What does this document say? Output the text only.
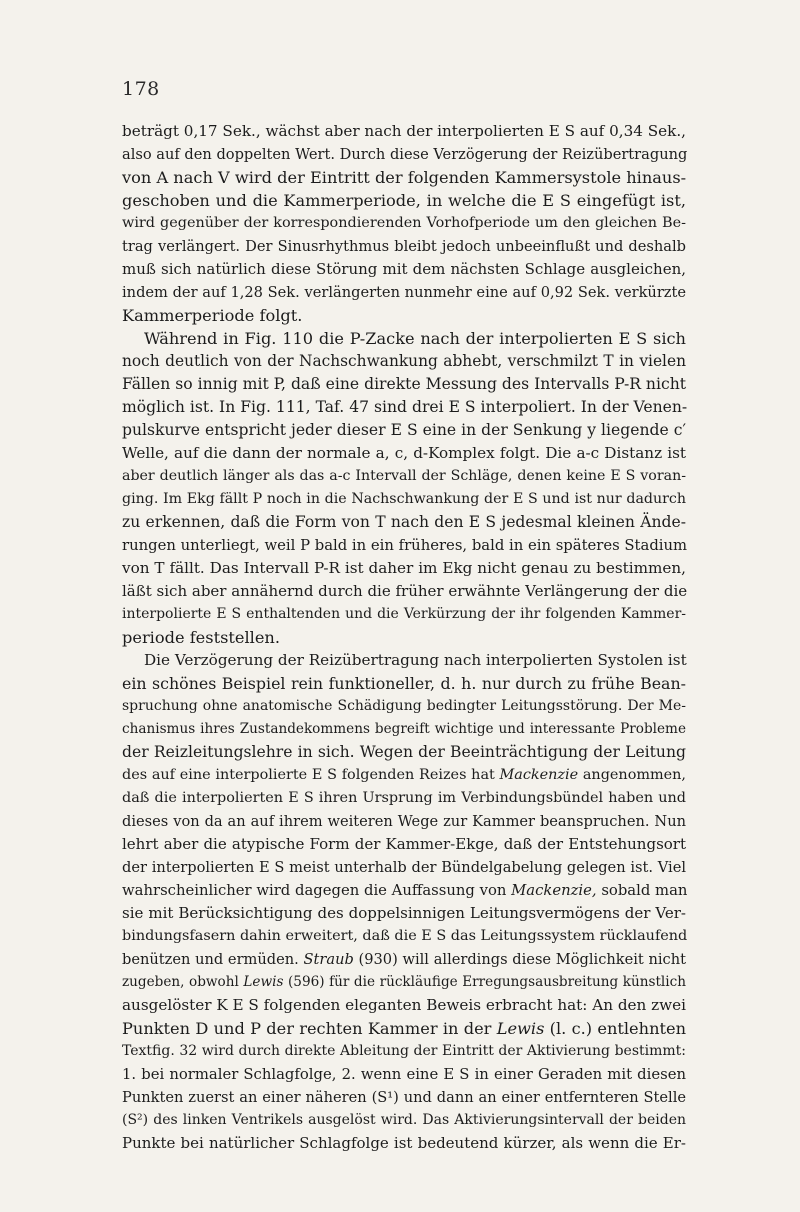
178
beträgt 0,17 Sek., wächst aber nach der interpolierten E S auf 0,34 Sek.,
also auf den doppelten Wert. Durch diese Verzögerung der Reizübertragung
von A nach V wird der Eintritt der folgenden Kammersystole hinaus-
geschoben und die Kammerperiode, in welche die E S eingefügt ist,
wird gegenüber der korrespondierenden Vorhofperiode um den gleichen Be-
trag verlängert. Der Sinusrhythmus bleibt jedoch unbeeinflußt und deshalb
muß sich natürlich diese Störung mit dem nächsten Schlage ausgleichen,
indem der auf 1,28 Sek. verlängerten nunmehr eine auf 0,92 Sek. verkürzte
Kammerperiode folgt.
Während in Fig. 110 die P-Zacke nach der interpolierten E S sich
noch deutlich von der Nachschwankung abhebt, verschmilzt T in vielen
Fällen so innig mit P, daß eine direkte Messung des Intervalls P-R nicht
möglich ist. In Fig. 111, Taf. 47 sind drei E S interpoliert. In der Venen-
pulskurve entspricht jeder dieser E S eine in der Senkung y liegende c′
Welle, auf die dann der normale a, c, d-Komplex folgt. Die a-c Distanz ist
aber deutlich länger als das a-c Intervall der Schläge, denen keine E S voran-
ging. Im Ekg fällt P noch in die Nachschwankung der E S und ist nur dadurch
zu erkennen, daß die Form von T nach den E S jedesmal kleinen Ände-
rungen unterliegt, weil P bald in ein früheres, bald in ein späteres Stadium
von T fällt. Das Intervall P-R ist daher im Ekg nicht genau zu bestimmen,
läßt sich aber annähernd durch die früher erwähnte Verlängerung der die
interpolierte E S enthaltenden und die Verkürzung der ihr folgenden Kammer-
periode feststellen.
Die Verzögerung der Reizübertragung nach interpolierten Systolen ist
ein schönes Beispiel rein funktioneller, d. h. nur durch zu frühe Bean-
spruchung ohne anatomische Schädigung bedingter Leitungsstörung. Der Me-
chanismus ihres Zustandekommens begreift wichtige und interessante Probleme
der Reizleitungslehre in sich. Wegen der Beeinträchtigung der Leitung
des auf eine interpolierte E S folgenden Reizes hat Mackenzie angenommen,
daß die interpolierten E S ihren Ursprung im Verbindungsbündel haben und
dieses von da an auf ihrem weiteren Wege zur Kammer beanspruchen. Nun
lehrt aber die atypische Form der Kammer-Ekge, daß der Entstehungsort
der interpolierten E S meist unterhalb der Bündelgabelung gelegen ist. Viel
wahrscheinlicher wird dagegen die Auffassung von Mackenzie, sobald man
sie mit Berücksichtigung des doppelsinnigen Leitungsvermögens der Ver-
bindungsfasern dahin erweitert, daß die E S das Leitungssystem rücklaufend
benützen und ermüden. Straub (930) will allerdings diese Möglichkeit nicht
zugeben, obwohl Lewis (596) für die rückläufige Erregungsausbreitung künstlich
ausgelöster K E S folgenden eleganten Beweis erbracht hat: An den zwei
Punkten D und P der rechten Kammer in der Lewis (l. c.) entlehnten
Textfig. 32 wird durch direkte Ableitung der Eintritt der Aktivierung bestimmt:
1. bei normaler Schlagfolge, 2. wenn eine E S in einer Geraden mit diesen
Punkten zuerst an einer näheren (S¹) und dann an einer entfernteren Stelle
(S²) des linken Ventrikels ausgelöst wird. Das Aktivierungsintervall der beiden
Punkte bei natürlicher Schlagfolge ist bedeutend kürzer, als wenn die Er-
